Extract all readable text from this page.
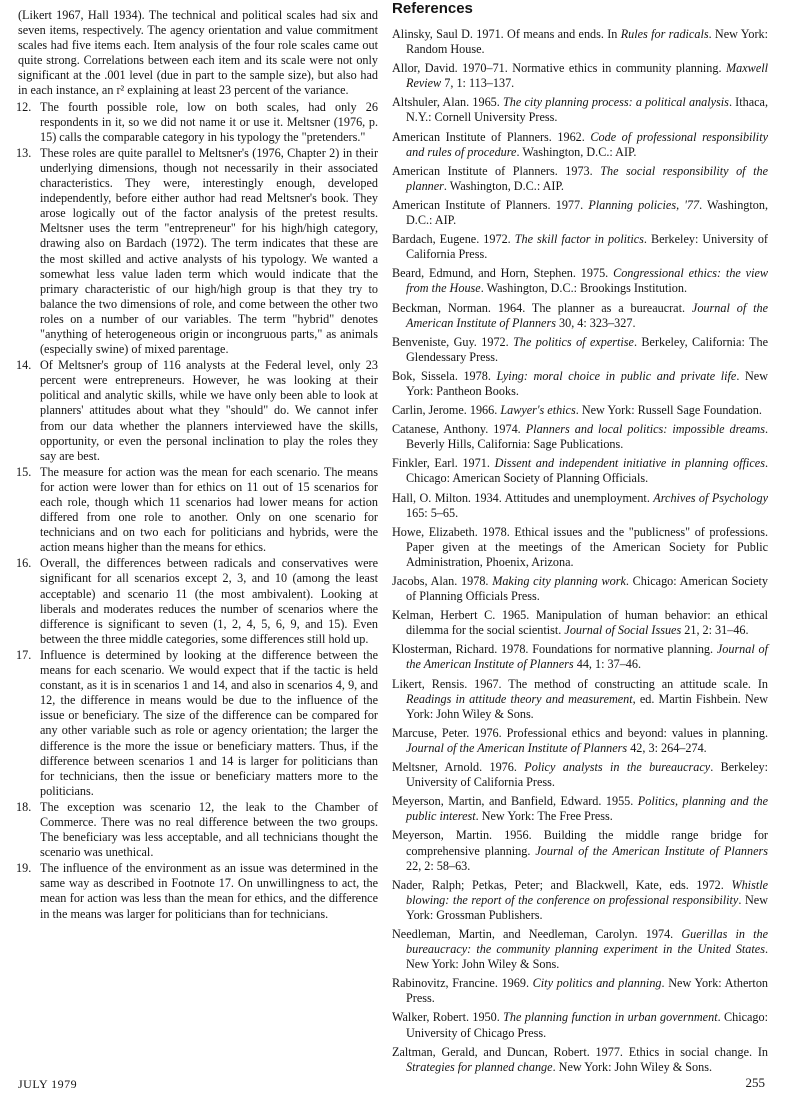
(Likert 1967, Hall 1934). The technical and political scales had six and seven items, respectively. The agency orientation and value commitment scales had five items each. Item analysis of the four role scales came out quite strong. Correlations between each item and its scale were not only significant at the .001 level (due in part to the sample size), but also had in each instance, an r² explaining at least 23 percent of the variance.

12. The fourth possible role, low on both scales, had only 26 respondents in it, so we did not name it or use it. Meltsner (1976, p. 15) calls the comparable category in his typology the "pretenders."
13. These roles are quite parallel to Meltsner's (1976, Chapter 2) in their underlying dimensions, though not necessarily in their associated characteristics. They were, interestingly enough, developed independently, before either author had read Meltsner's book. They arose logically out of the factor analysis of the pretest results. Meltsner uses the term "entrepreneur" for his high/high category, drawing also on Bardach (1972). The term indicates that these are the most skilled and active analysts of his typology. We wanted a somewhat less value laden term which would indicate that the primary characteristic of our high/high group is that they try to balance the two dimensions of role, and come between the other two roles on a number of our variables. The term "hybrid" denotes "anything of heterogeneous origin or incongruous parts," as animals (especially swine) of mixed parentage.
14. Of Meltsner's group of 116 analysts at the Federal level, only 23 percent were entrepreneurs. However, he was looking at their political and analytic skills, while we have only been able to look at planners' attitudes about what they "should" do. We cannot infer from our data whether the planners interviewed have the skills, opportunity, or even the personal inclination to play the roles they say are best.
15. The measure for action was the mean for each scenario. The means for action were lower than for ethics on 11 out of 15 scenarios for each role, though which 11 scenarios had lower means for action differed from one role to another. Only on one scenario for technicians and on two each for politicians and hybrids, were the action means higher than the means for ethics.
16. Overall, the differences between radicals and conservatives were significant for all scenarios except 2, 3, and 10 (among the least acceptable) and scenario 11 (the most ambivalent). Looking at liberals and moderates reduces the number of scenarios where the difference is significant to seven (1, 2, 4, 5, 6, 9, and 15). Even between the three middle categories, some differences still hold up.
17. Influence is determined by looking at the difference between the means for each scenario. We would expect that if the tactic is held constant, as it is in scenarios 1 and 14, and also in scenarios 4, 9, and 12, the difference in means would be due to the influence of the issue or beneficiary. The size of the difference can be compared for any other variable such as role or agency orientation; the larger the difference is the more the issue or beneficiary matters. Thus, if the difference between scenarios 1 and 14 is larger for politicians than for technicians, then the issue or beneficiary matters more to the politicians.
18. The exception was scenario 12, the leak to the Chamber of Commerce. There was no real difference between the two groups. The beneficiary was less acceptable, and all technicians thought the scenario was unethical.
19. The influence of the environment as an issue was determined in the same way as described in Footnote 17. On unwillingness to act, the mean for action was less than the mean for ethics, and the difference in the means was larger for politicians than for technicians.
References
Alinsky, Saul D. 1971. Of means and ends. In Rules for radicals. New York: Random House.
Allor, David. 1970–71. Normative ethics in community planning. Maxwell Review 7, 1: 113–137.
Altshuler, Alan. 1965. The city planning process: a political analysis. Ithaca, N.Y.: Cornell University Press.
American Institute of Planners. 1962. Code of professional responsibility and rules of procedure. Washington, D.C.: AIP.
American Institute of Planners. 1973. The social responsibility of the planner. Washington, D.C.: AIP.
American Institute of Planners. 1977. Planning policies, '77. Washington, D.C.: AIP.
Bardach, Eugene. 1972. The skill factor in politics. Berkeley: University of California Press.
Beard, Edmund, and Horn, Stephen. 1975. Congressional ethics: the view from the House. Washington, D.C.: Brookings Institution.
Beckman, Norman. 1964. The planner as a bureaucrat. Journal of the American Institute of Planners 30, 4: 323–327.
Benveniste, Guy. 1972. The politics of expertise. Berkeley, California: The Glendessary Press.
Bok, Sissela. 1978. Lying: moral choice in public and private life. New York: Pantheon Books.
Carlin, Jerome. 1966. Lawyer's ethics. New York: Russell Sage Foundation.
Catanese, Anthony. 1974. Planners and local politics: impossible dreams. Beverly Hills, California: Sage Publications.
Finkler, Earl. 1971. Dissent and independent initiative in planning offices. Chicago: American Society of Planning Officials.
Hall, O. Milton. 1934. Attitudes and unemployment. Archives of Psychology 165: 5–65.
Howe, Elizabeth. 1978. Ethical issues and the "publicness" of professions. Paper given at the meetings of the American Society for Public Administration, Phoenix, Arizona.
Jacobs, Alan. 1978. Making city planning work. Chicago: American Society of Planning Officials Press.
Kelman, Herbert C. 1965. Manipulation of human behavior: an ethical dilemma for the social scientist. Journal of Social Issues 21, 2: 31–46.
Klosterman, Richard. 1978. Foundations for normative planning. Journal of the American Institute of Planners 44, 1: 37–46.
Likert, Rensis. 1967. The method of constructing an attitude scale. In Readings in attitude theory and measurement, ed. Martin Fishbein. New York: John Wiley & Sons.
Marcuse, Peter. 1976. Professional ethics and beyond: values in planning. Journal of the American Institute of Planners 42, 3: 264–274.
Meltsner, Arnold. 1976. Policy analysts in the bureaucracy. Berkeley: University of California Press.
Meyerson, Martin, and Banfield, Edward. 1955. Politics, planning and the public interest. New York: The Free Press.
Meyerson, Martin. 1956. Building the middle range bridge for comprehensive planning. Journal of the American Institute of Planners 22, 2: 58–63.
Nader, Ralph; Petkas, Peter; and Blackwell, Kate, eds. 1972. Whistle blowing: the report of the conference on professional responsibility. New York: Grossman Publishers.
Needleman, Martin, and Needleman, Carolyn. 1974. Guerillas in the bureaucracy: the community planning experiment in the United States. New York: John Wiley & Sons.
Rabinovitz, Francine. 1969. City politics and planning. New York: Atherton Press.
Walker, Robert. 1950. The planning function in urban government. Chicago: University of Chicago Press.
Zaltman, Gerald, and Duncan, Robert. 1977. Ethics in social change. In Strategies for planned change. New York: John Wiley & Sons.
JULY 1979	255
